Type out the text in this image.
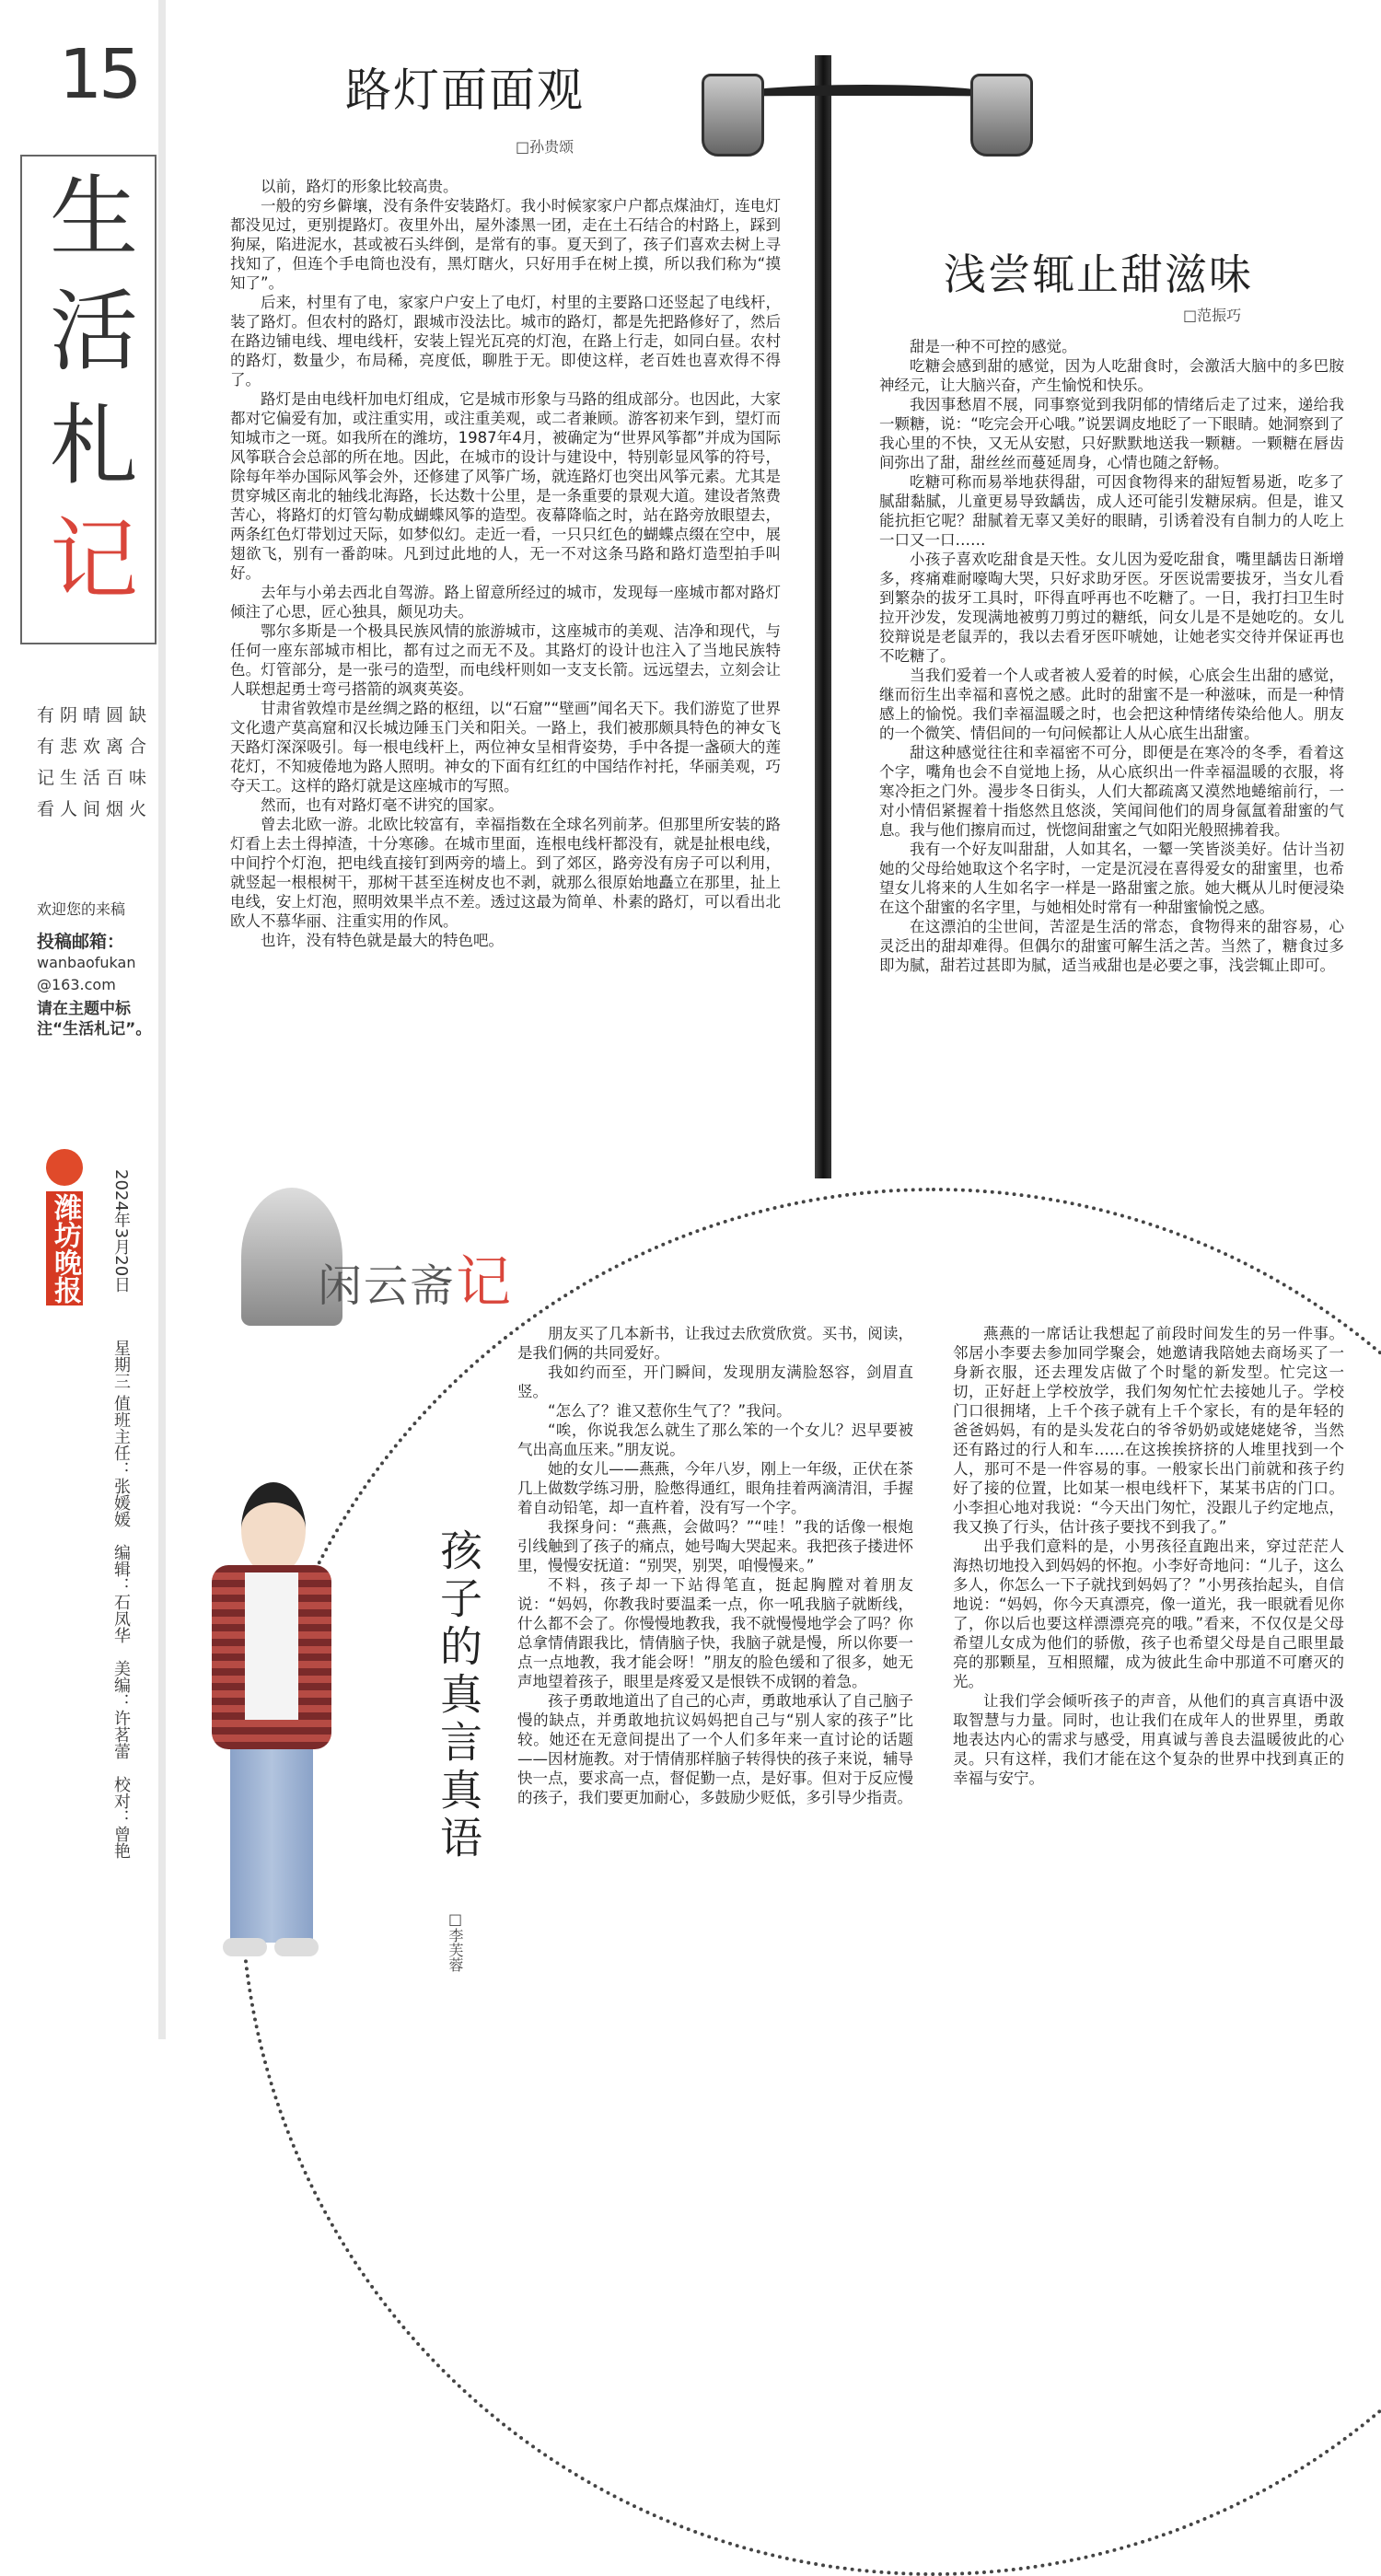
15
生
活
札
记
有阴晴圆缺
有悲欢离合
记生活百味
看人间烟火
欢迎您的来稿
投稿邮箱：
wanbaofukan
@163.com
请在主题中标注“生活札记”。
潍坊晚报 2024年3月20日
星期三
值班主任：张媛媛　编辑：石凤华　美编：许茗蕾　校对：曾艳
路灯面面观
□孙贵颂

以前，路灯的形象比较高贵。

一般的穷乡僻壤，没有条件安装路灯。我小时候家家户户都点煤油灯，连电灯都没见过，更别提路灯。夜里外出，屋外漆黑一团，走在土石结合的村路上，踩到狗屎，陷进泥水，甚或被石头绊倒，是常有的事。夏天到了，孩子们喜欢去树上寻找知了，但连个手电筒也没有，黑灯瞎火，只好用手在树上摸，所以我们称为“摸知了”。

后来，村里有了电，家家户户安上了电灯，村里的主要路口还竖起了电线杆，装了路灯。但农村的路灯，跟城市没法比。城市的路灯，都是先把路修好了，然后在路边铺电线、埋电线杆，安装上锃光瓦亮的灯泡，在路上行走，如同白昼。农村的路灯，数量少，布局稀，亮度低，聊胜于无。即使这样，老百姓也喜欢得不得了。

路灯是由电线杆加电灯组成，它是城市形象与马路的组成部分。也因此，大家都对它偏爱有加，或注重实用，或注重美观，或二者兼顾。游客初来乍到，望灯而知城市之一斑。如我所在的潍坊，1987年4月，被确定为“世界风筝都”并成为国际风筝联合会总部的所在地。因此，在城市的设计与建设中，特别彰显风筝的符号，除每年举办国际风筝会外，还修建了风筝广场，就连路灯也突出风筝元素。尤其是贯穿城区南北的轴线北海路，长达数十公里，是一条重要的景观大道。建设者煞费苦心，将路灯的灯管勾勒成蝴蝶风筝的造型。夜幕降临之时，站在路旁放眼望去，两条红色灯带划过天际，如梦似幻。走近一看，一只只红色的蝴蝶点缀在空中，展翅欲飞，别有一番韵味。凡到过此地的人，无一不对这条马路和路灯造型拍手叫好。

去年与小弟去西北自驾游。路上留意所经过的城市，发现每一座城市都对路灯倾注了心思，匠心独具，颇见功夫。

鄂尔多斯是一个极具民族风情的旅游城市，这座城市的美观、洁净和现代，与任何一座东部城市相比，都有过之而无不及。其路灯的设计也注入了当地民族特色。灯管部分，是一张弓的造型，而电线杆则如一支支长箭。远远望去，立刻会让人联想起勇士弯弓搭箭的飒爽英姿。

甘肃省敦煌市是丝绸之路的枢纽，以“石窟”“壁画”闻名天下。我们游览了世界文化遗产莫高窟和汉长城边陲玉门关和阳关。一路上，我们被那颇具特色的神女飞天路灯深深吸引。每一根电线杆上，两位神女呈相背姿势，手中各提一盏硕大的莲花灯，不知疲倦地为路人照明。神女的下面有红红的中国结作衬托，华丽美观，巧夺天工。这样的路灯就是这座城市的写照。

然而，也有对路灯毫不讲究的国家。

曾去北欧一游。北欧比较富有，幸福指数在全球名列前茅。但那里所安装的路灯看上去土得掉渣，十分寒碜。在城市里面，连根电线杆都没有，就是扯根电线，中间拧个灯泡，把电线直接钉到两旁的墙上。到了郊区，路旁没有房子可以利用，就竖起一根根树干，那树干甚至连树皮也不剥，就那么很原始地矗立在那里，扯上电线，安上灯泡，照明效果半点不差。透过这最为简单、朴素的路灯，可以看出北欧人不慕华丽、注重实用的作风。

也许，没有特色就是最大的特色吧。

浅尝辄止甜滋味
□范振巧

甜是一种不可控的感觉。

吃糖会感到甜的感觉，因为人吃甜食时，会激活大脑中的多巴胺神经元，让大脑兴奋，产生愉悦和快乐。

我因事愁眉不展，同事察觉到我阴郁的情绪后走了过来，递给我一颗糖，说：“吃完会开心哦。”说罢调皮地眨了一下眼睛。她洞察到了我心里的不快，又无从安慰，只好默默地送我一颗糖。一颗糖在唇齿间弥出了甜，甜丝丝而蔓延周身，心情也随之舒畅。

吃糖可称而易举地获得甜，可因食物得来的甜短暂易逝，吃多了腻甜黏腻，儿童更易导致龋齿，成人还可能引发糖尿病。但是，谁又能抗拒它呢？甜腻着无辜又美好的眼睛，引诱着没有自制力的人吃上一口又一口……

小孩子喜欢吃甜食是天性。女儿因为爱吃甜食，嘴里龋齿日渐增多，疼痛难耐嚎啕大哭，只好求助牙医。牙医说需要拔牙，当女儿看到繁杂的拔牙工具时，吓得直呼再也不吃糖了。一日，我打扫卫生时拉开沙发，发现满地被剪刀剪过的糖纸，问女儿是不是她吃的。女儿狡辩说是老鼠弄的，我以去看牙医吓唬她，让她老实交待并保证再也不吃糖了。

当我们爱着一个人或者被人爱着的时候，心底会生出甜的感觉，继而衍生出幸福和喜悦之感。此时的甜蜜不是一种滋味，而是一种情感上的愉悦。我们幸福温暖之时，也会把这种情绪传染给他人。朋友的一个微笑、情侣间的一句问候都让人从心底生出甜蜜。

甜这种感觉往往和幸福密不可分，即便是在寒冷的冬季，看着这个字，嘴角也会不自觉地上扬，从心底织出一件幸福温暖的衣服，将寒冷拒之门外。漫步冬日街头，人们大都疏离又漠然地蜷缩前行，一对小情侣紧握着十指悠然且悠淡，笑闻间他们的周身氤氲着甜蜜的气息。我与他们擦肩而过，恍惚间甜蜜之气如阳光般照拂着我。

我有一个好友叫甜甜，人如其名，一颦一笑皆淡美好。估计当初她的父母给她取这个名字时，一定是沉浸在喜得爱女的甜蜜里，也希望女儿将来的人生如名字一样是一路甜蜜之旅。她大概从儿时便浸染在这个甜蜜的名字里，与她相处时常有一种甜蜜愉悦之感。

在这漂泊的尘世间，苦涩是生活的常态，食物得来的甜容易，心灵泛出的甜却难得。但偶尔的甜蜜可解生活之苦。当然了，糖食过多即为腻，甜若过甚即为腻，适当戒甜也是必要之事，浅尝辄止即可。

闲云斋记
孩子的真言真语
□李芙蓉

朋友买了几本新书，让我过去欣赏欣赏。买书，阅读，是我们俩的共同爱好。

我如约而至，开门瞬间，发现朋友满脸怒容，剑眉直竖。

“怎么了？谁又惹你生气了？”我问。

“唉，你说我怎么就生了那么笨的一个女儿？迟早要被气出高血压来。”朋友说。

她的女儿——燕燕，今年八岁，刚上一年级，正伏在茶几上做数学练习册，脸憋得通红，眼角挂着两滴清泪，手握着自动铅笔，却一直杵着，没有写一个字。

我探身问：“燕燕，会做吗？”“哇！”我的话像一根炮引线触到了孩子的痛点，她号啕大哭起来。我把孩子搂进怀里，慢慢安抚道：“别哭，别哭，咱慢慢来。”

不料，孩子却一下站得笔直，挺起胸膛对着朋友说：“妈妈，你教我时要温柔一点，你一吼我脑子就断线，什么都不会了。你慢慢地教我，我不就慢慢地学会了吗？你总拿情倩跟我比，情倩脑子快，我脑子就是慢，所以你要一点一点地教，我才能会呀！”朋友的脸色缓和了很多，她无声地望着孩子，眼里是疼爱又是恨铁不成钢的着急。

孩子勇敢地道出了自己的心声，勇敢地承认了自己脑子慢的缺点，并勇敢地抗议妈妈把自己与“别人家的孩子”比较。她还在无意间提出了一个人们多年来一直讨论的话题——因材施教。对于情倩那样脑子转得快的孩子来说，辅导快一点，要求高一点，督促勤一点，是好事。但对于反应慢的孩子，我们要更加耐心，多鼓励少贬低，多引导少指责。

燕燕的一席话让我想起了前段时间发生的另一件事。邻居小李要去参加同学聚会，她邀请我陪她去商场买了一身新衣服，还去理发店做了个时髦的新发型。忙完这一切，正好赶上学校放学，我们匆匆忙忙去接她儿子。学校门口很拥堵，上千个孩子就有上千个家长，有的是年轻的爸爸妈妈，有的是头发花白的爷爷奶奶或姥姥姥爷，当然还有路过的行人和车……在这挨挨挤挤的人堆里找到一个人，那可不是一件容易的事。一般家长出门前就和孩子约好了接的位置，比如某一根电线杆下，某某书店的门口。小李担心地对我说：“今天出门匆忙，没跟儿子约定地点，我又换了行头，估计孩子要找不到我了。”

出乎我们意料的是，小男孩径直跑出来，穿过茫茫人海热切地投入到妈妈的怀抱。小李好奇地问：“儿子，这么多人，你怎么一下子就找到妈妈了？”小男孩抬起头，自信地说：“妈妈，你今天真漂亮，像一道光，我一眼就看见你了，你以后也要这样漂漂亮亮的哦。”看来，不仅仅是父母希望儿女成为他们的骄傲，孩子也希望父母是自己眼里最亮的那颗星，互相照耀，成为彼此生命中那道不可磨灭的光。

让我们学会倾听孩子的声音，从他们的真言真语中汲取智慧与力量。同时，也让我们在成年人的世界里，勇敢地表达内心的需求与感受，用真诚与善良去温暖彼此的心灵。只有这样，我们才能在这个复杂的世界中找到真正的幸福与安宁。
